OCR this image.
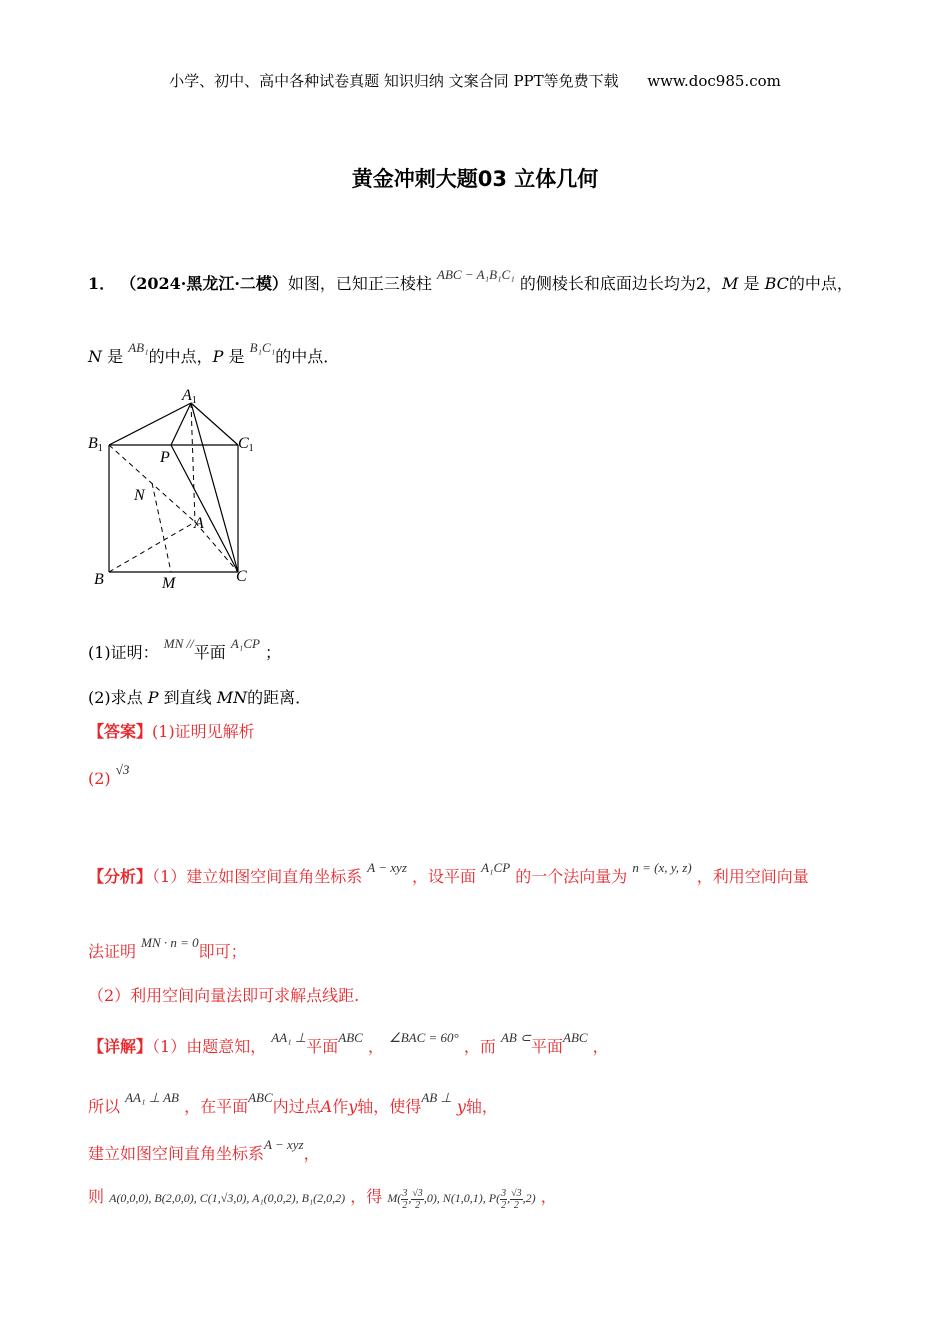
小学、初中、高中各种试卷真题 知识归纳 文案合同 PPT等免费下载 www.doc985.com
黄金冲刺大题03 立体几何
1． （2024·黑龙江·二模）如图，已知正三棱柱 $^{ABC - A_1B_1C_1}$ 的侧棱长和底面边长均为2，M 是 BC的中点，
N 是 $^{AB_1}$的中点，P 是 $^{B_1C_1}$的中点．
A1
B1	C1
P
N
A
B	M	C
(1)证明： $^{MN //}$平面 $^{A_1CP}$ ；
(2)求点 P 到直线 MN的距离．
【答案】(1)证明见解析
(2) $^{√3}$
【分析】（1）建立如图空间直角坐标系 $^{A - xyz}$ ，设平面 $^{A_1CP}$ 的一个法向量为 $^{n = (x, y, z)}$ ，利用空间向量
法证明 $^{MN \cdot n = 0}$即可；
（2）利用空间向量法即可求解点线距.
【详解】（1）由题意知， $^{AA_1 \perp}$平面$^{ABC}$ ， $^{\angle BAC = 60^\circ}$ ，而 $^{AB \subset}$平面$^{ABC}$ ，
所以 $^{AA_1 \perp AB}$ ，在平面$^{ABC}$内过点A作y轴，使得$^{AB \perp}$ y轴，
建立如图空间直角坐标系$^{A - xyz}$，
则 A(0,0,0), B(2,0,0), C(1,√3,0), A₁(0,0,2), B₁(2,0,2) ，得 $M( \frac{3}{2}$ , $\frac{√3}{2} ,0$), N(1,0,1), $P( \frac{3}{2}$ , $\frac{√3}{2} ,2$) ，
